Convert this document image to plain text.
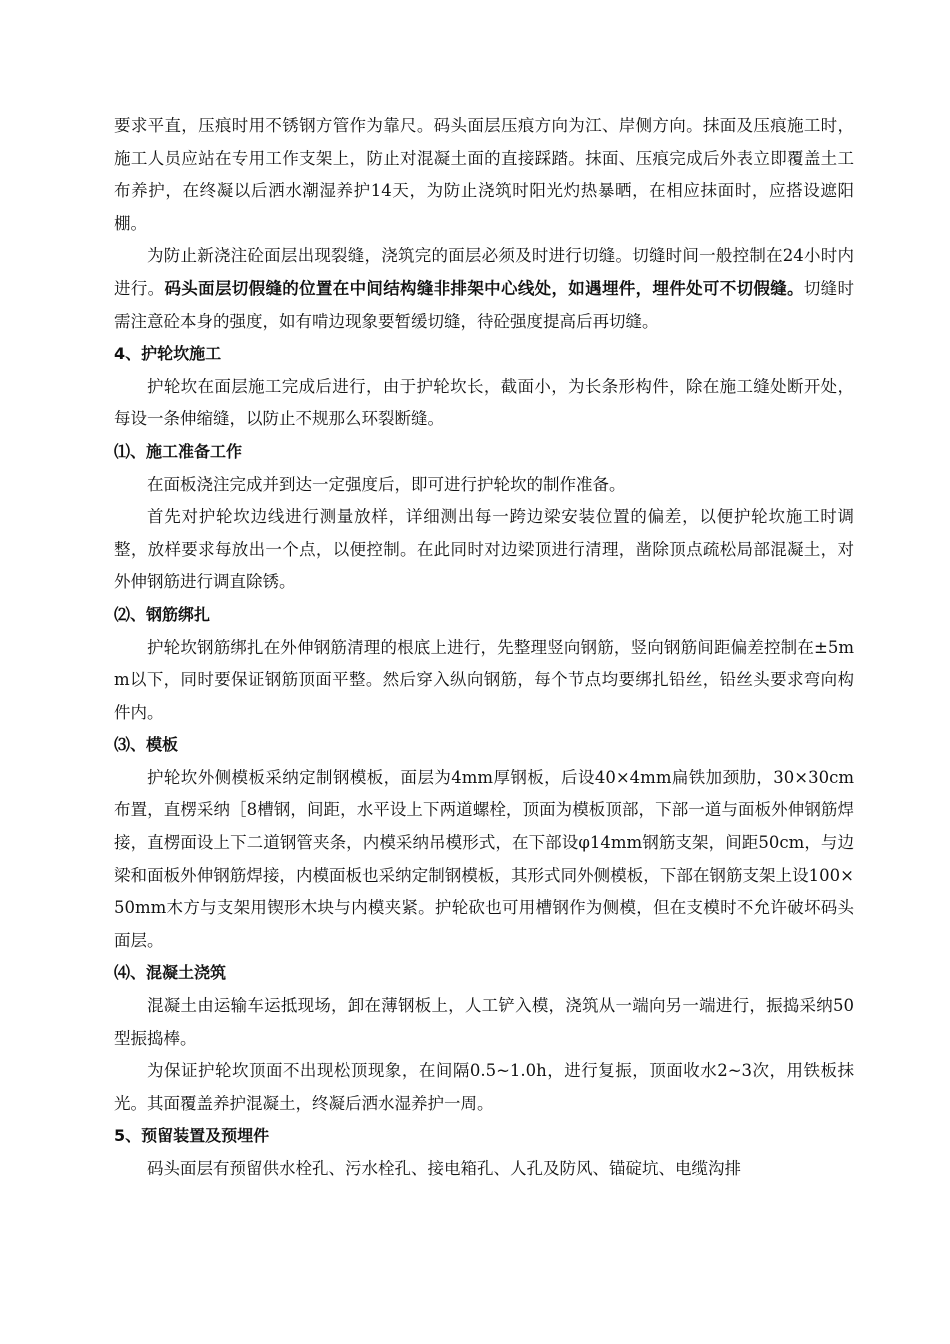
要求平直，压痕时用不锈钢方管作为靠尺。码头面层压痕方向为江、岸侧方向。抹面及压痕施工时，施工人员应站在专用工作支架上，防止对混凝土面的直接踩踏。抹面、压痕完成后外表立即覆盖土工布养护，在终凝以后洒水潮湿养护14天，为防止浇筑时阳光灼热暴晒，在相应抹面时，应搭设遮阳棚。

为防止新浇注砼面层出现裂缝，浇筑完的面层必须及时进行切缝。切缝时间一般控制在24小时内进行。码头面层切假缝的位置在中间结构缝非排架中心线处，如遇埋件，埋件处可不切假缝。切缝时需注意砼本身的强度，如有啃边现象要暂缓切缝，待砼强度提高后再切缝。

4、护轮坎施工

护轮坎在面层施工完成后进行，由于护轮坎长，截面小，为长条形构件，除在施工缝处断开处，每设一条伸缩缝，以防止不规那么环裂断缝。

⑴、施工准备工作

在面板浇注完成并到达一定强度后，即可进行护轮坎的制作准备。

首先对护轮坎边线进行测量放样，详细测出每一跨边梁安装位置的偏差，以便护轮坎施工时调整，放样要求每放出一个点，以便控制。在此同时对边梁顶进行清理，凿除顶点疏松局部混凝土，对外伸钢筋进行调直除锈。

⑵、钢筋绑扎

护轮坎钢筋绑扎在外伸钢筋清理的根底上进行，先整理竖向钢筋，竖向钢筋间距偏差控制在±5mm以下，同时要保证钢筋顶面平整。然后穿入纵向钢筋，每个节点均要绑扎铅丝，铅丝头要求弯向构件内。

⑶、模板

护轮坎外侧模板采纳定制钢模板，面层为4mm厚钢板，后设40×4mm扁铁加颈肋，30×30cm布置，直楞采纳［8槽钢，间距，水平设上下两道螺栓，顶面为模板顶部，下部一道与面板外伸钢筋焊接，直楞面设上下二道钢管夹条，内模采纳吊模形式，在下部设φ14mm钢筋支架，间距50cm，与边梁和面板外伸钢筋焊接，内模面板也采纳定制钢模板，其形式同外侧模板，下部在钢筋支架上设100×50mm木方与支架用锲形木块与内模夹紧。护轮砍也可用槽钢作为侧模，但在支模时不允许破坏码头面层。

⑷、混凝土浇筑

混凝土由运输车运抵现场，卸在薄钢板上，人工铲入模，浇筑从一端向另一端进行，振捣采纳50型振捣棒。

为保证护轮坎顶面不出现松顶现象，在间隔0.5~1.0h，进行复振，顶面收水2~3次，用铁板抹光。其面覆盖养护混凝土，终凝后洒水湿养护一周。

5、预留装置及预埋件

码头面层有预留供水栓孔、污水栓孔、接电箱孔、人孔及防风、锚碇坑、电缆沟排
